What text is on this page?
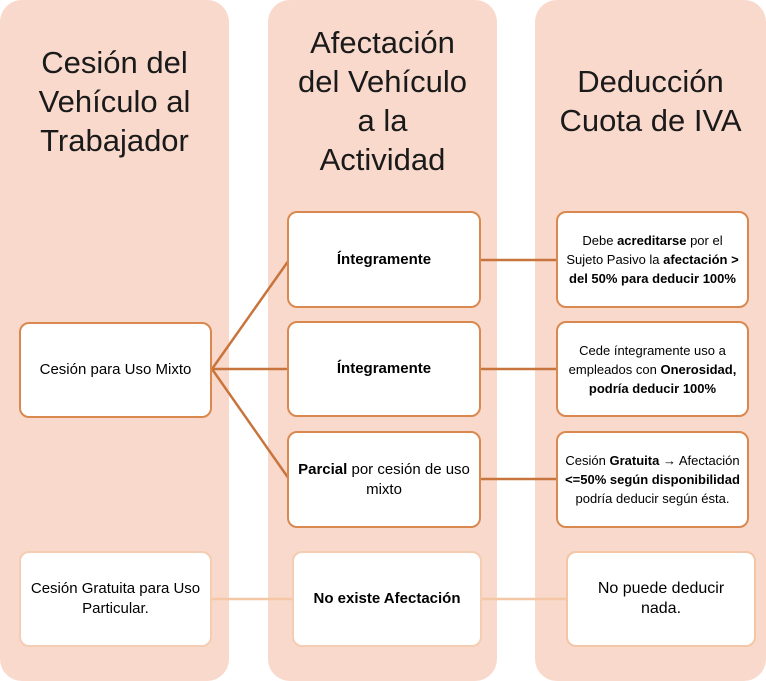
Cesión del
Vehículo al
Trabajador
Afectación
del Vehículo
a la
Actividad
Deducción
Cuota de IVA
Cesión para Uso Mixto
Cesión Gratuita para Uso Particular.
Íntegramente
Íntegramente
Parcial por cesión de uso mixto
No existe Afectación
Debe acreditarse por el Sujeto Pasivo la afectación > del 50% para deducir 100%
Cede íntegramente uso a empleados con Onerosidad, podría deducir 100%
Cesión Gratuita → Afectación <=50% según disponibilidad  podría deducir según ésta.
No puede deducir nada.
